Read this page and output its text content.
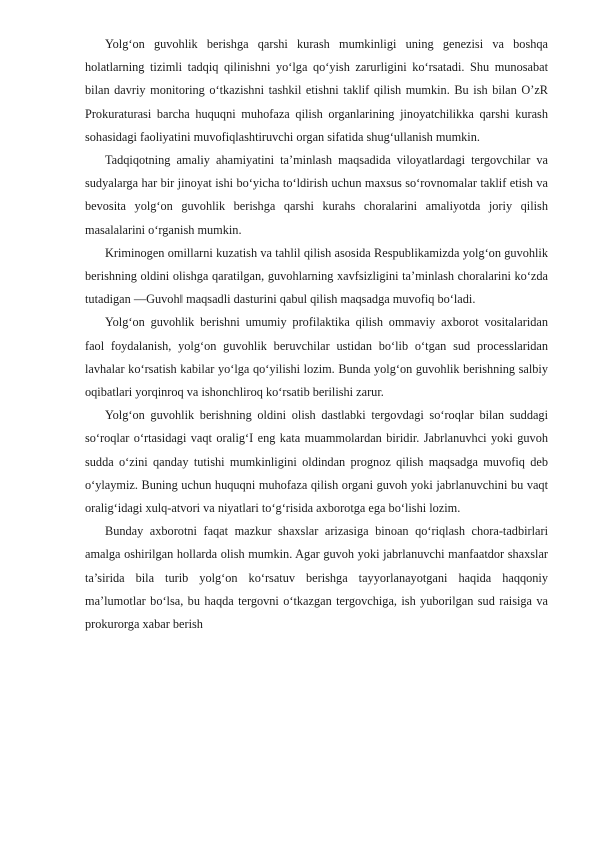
Yolg‘on guvohlik berishga qarshi kurash mumkinligi uning genezisi va boshqa holatlarning tizimli tadqiq qilinishni yo‘lga qo‘yish zarurligini ko‘rsatadi. Shu munosabat bilan davriy monitoring o‘tkazishni tashkil etishni taklif qilish mumkin. Bu ish bilan O’zR Prokuraturasi barcha huquqni muhofaza qilish organlarining jinoyatchilikka qarshi kurash sohasidagi faoliyatini muvofiqlashtiruvchi organ sifatida shug‘ullanish mumkin.

Tadqiqotning amaliy ahamiyatini ta’minlash maqsadida viloyatlardagi tergovchilar va sudyalarga har bir jinoyat ishi bo‘yicha to‘ldirish uchun maxsus so‘rovnomalar taklif etish va bevosita yolg‘on guvohlik berishga qarshi kurahs choralarini amaliyotda joriy qilish masalalarini o‘rganish mumkin.

Kriminogen omillarni kuzatish va tahlil qilish asosida Respublikamizda yolg‘on guvohlik berishning oldini olishga qaratilgan, guvohlarning xavfsizligini ta’minlash choralarini ko‘zda tutadigan ―Guvoh‖ maqsadli dasturini qabul qilish maqsadga muvofiq bo‘ladi.

Yolg‘on guvohlik berishni umumiy profilaktika qilish ommaviy axborot vositalaridan faol foydalanish, yolg‘on guvohlik beruvchilar ustidan bo‘lib o‘tgan sud processlaridan lavhalar ko‘rsatish kabilar yo‘lga qo‘yilishi lozim. Bunda yolg‘on guvohlik berishning salbiy oqibatlari yorqinroq va ishonchliroq ko‘rsatib berilishi zarur.

Yolg‘on guvohlik berishning oldini olish dastlabki tergovdagi so‘roqlar bilan suddagi so‘roqlar o‘rtasidagi vaqt oralig‘I eng kata muammolardan biridir. Jabrlanuvhci yoki guvoh sudda o‘zini qanday tutishi mumkinligini oldindan prognoz qilish maqsadga muvofiq deb o‘ylaymiz. Buning uchun huquqni muhofaza qilish organi guvoh yoki jabrlanuvchini bu vaqt oralig‘idagi xulq-atvori va niyatlari to‘g‘risida axborotga ega bo‘lishi lozim.

Bunday axborotni faqat mazkur shaxslar arizasiga binoan qo‘riqlash chora-tadbirlari amalga oshirilgan hollarda olish mumkin. Agar guvoh yoki jabrlanuvchi manfaatdor shaxslar ta’sirida bila turib yolg‘on ko‘rsatuv berishga tayyorlanayotgani haqida haqqoniy ma’lumotlar bo‘lsa, bu haqda tergovni o‘tkazgan tergovchiga, ish yuborilgan sud raisiga va prokurorga xabar berish
